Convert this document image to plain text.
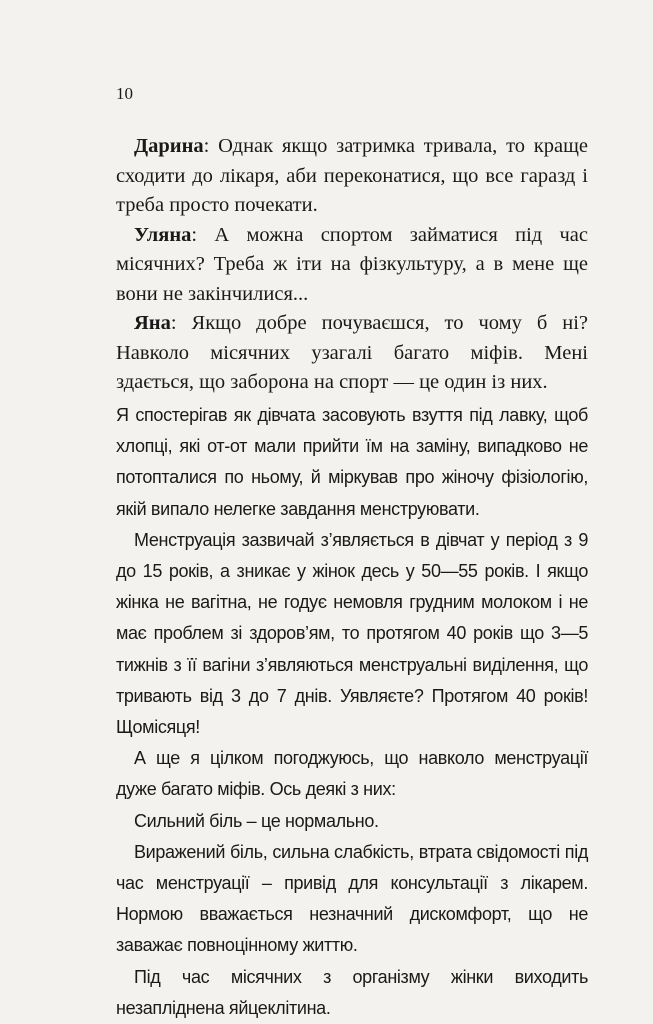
10

Дарина: Однак якщо затримка тривала, то краще сходити до лікаря, аби переконатися, що все гаразд і треба просто почекати.

Уляна: А можна спортом займатися під час місячних? Треба ж іти на фізкультуру, а в мене ще вони не закінчилися...

Яна: Якщо добре почуваєшся, то чому б ні? Навколо місячних узагалі багато міфів. Мені здається, що заборона на спорт — це один із них.

Я спостерігав як дівчата засовують взуття під лавку, щоб хлопці, які от-от мали прийти їм на заміну, випадково не потопталися по ньому, й міркував про жіночу фізіологію, якій випало нелегке завдання менструювати.

Менструація зазвичай з’являється в дівчат у період з 9 до 15 років, а зникає у жінок десь у 50—55 років. І якщо жінка не вагітна, не годує немовля грудним молоком і не має проблем зі здоров’ям, то протягом 40 років що 3—5 тижнів з її вагіни з’являються менструальні виділення, що тривають від 3 до 7 днів. Уявляєте? Протягом 40 років! Щомісяця!

А ще я цілком погоджуюсь, що навколо менструації дуже багато міфів. Ось деякі з них:

Сильний біль – це нормально.

Виражений біль, сильна слабкість, втрата свідомості під час менструації – привід для консультації з лікарем. Нормою вважається незначний дискомфорт, що не заважає повноцінному життю.

Під час місячних з організму жінки виходить незапліднена яйцеклітина.
